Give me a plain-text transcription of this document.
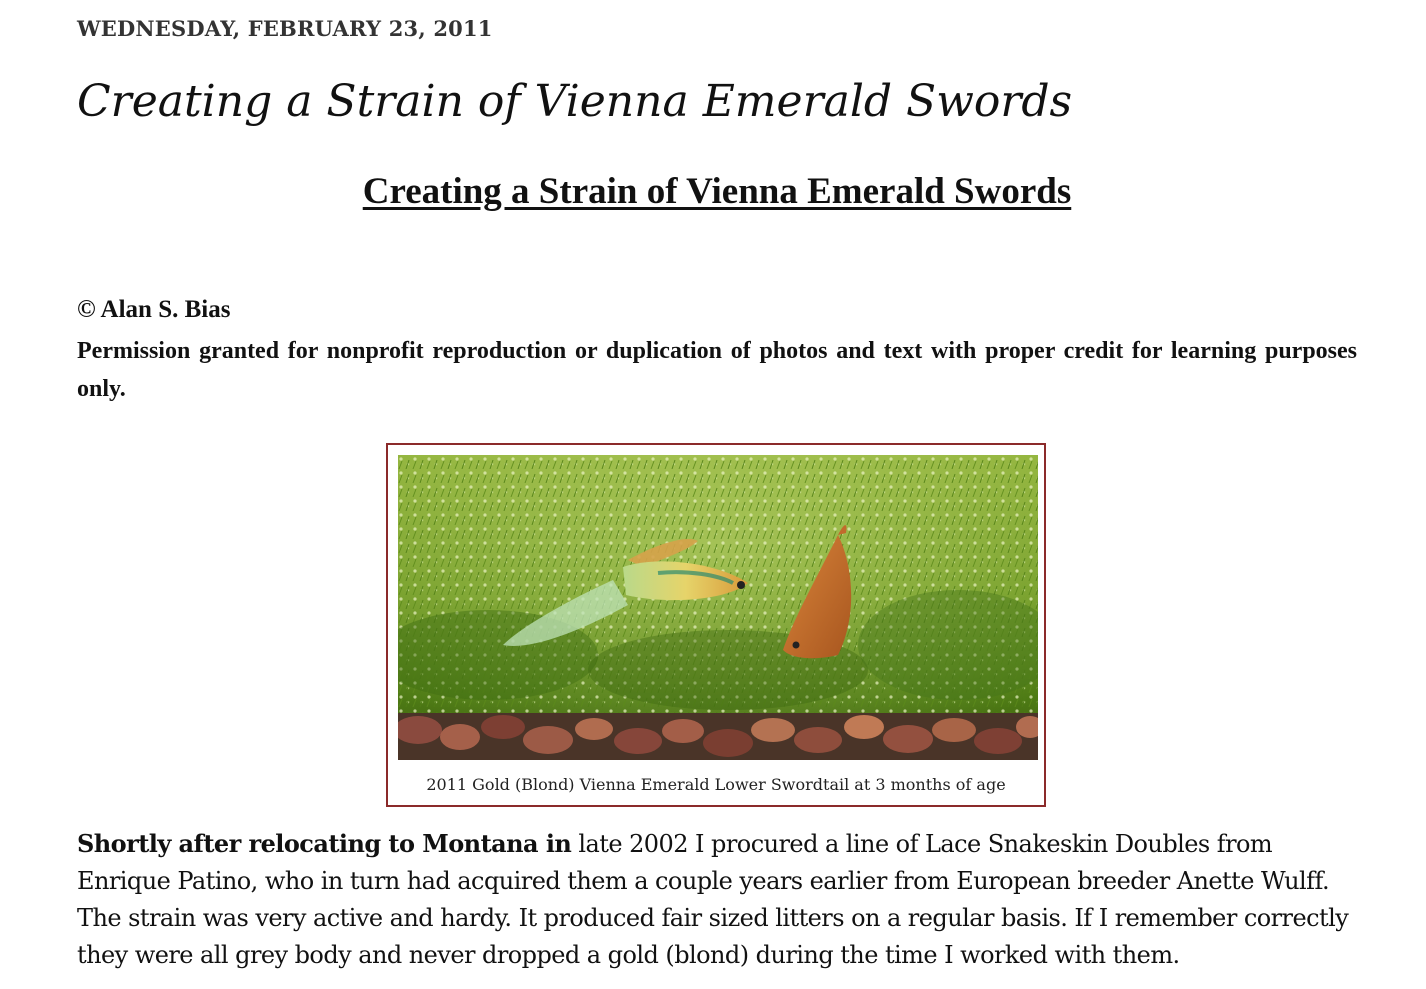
WEDNESDAY, FEBRUARY 23, 2011
Creating a Strain of Vienna Emerald Swords
Creating a Strain of Vienna Emerald Swords
© Alan S. Bias
Permission granted for nonprofit reproduction or duplication of photos and text with proper credit for learning purposes only.
2011 Gold (Blond) Vienna Emerald Lower Swordtail at 3 months of age
Shortly after relocating to Montana in late 2002 I procured a line of Lace Snakeskin Doubles from Enrique Patino, who in turn had acquired them a couple years earlier from European breeder Anette Wulff. The strain was very active and hardy. It produced fair sized litters on a regular basis. If I remember correctly they were all grey body and never dropped a gold (blond) during the time I worked with them.
